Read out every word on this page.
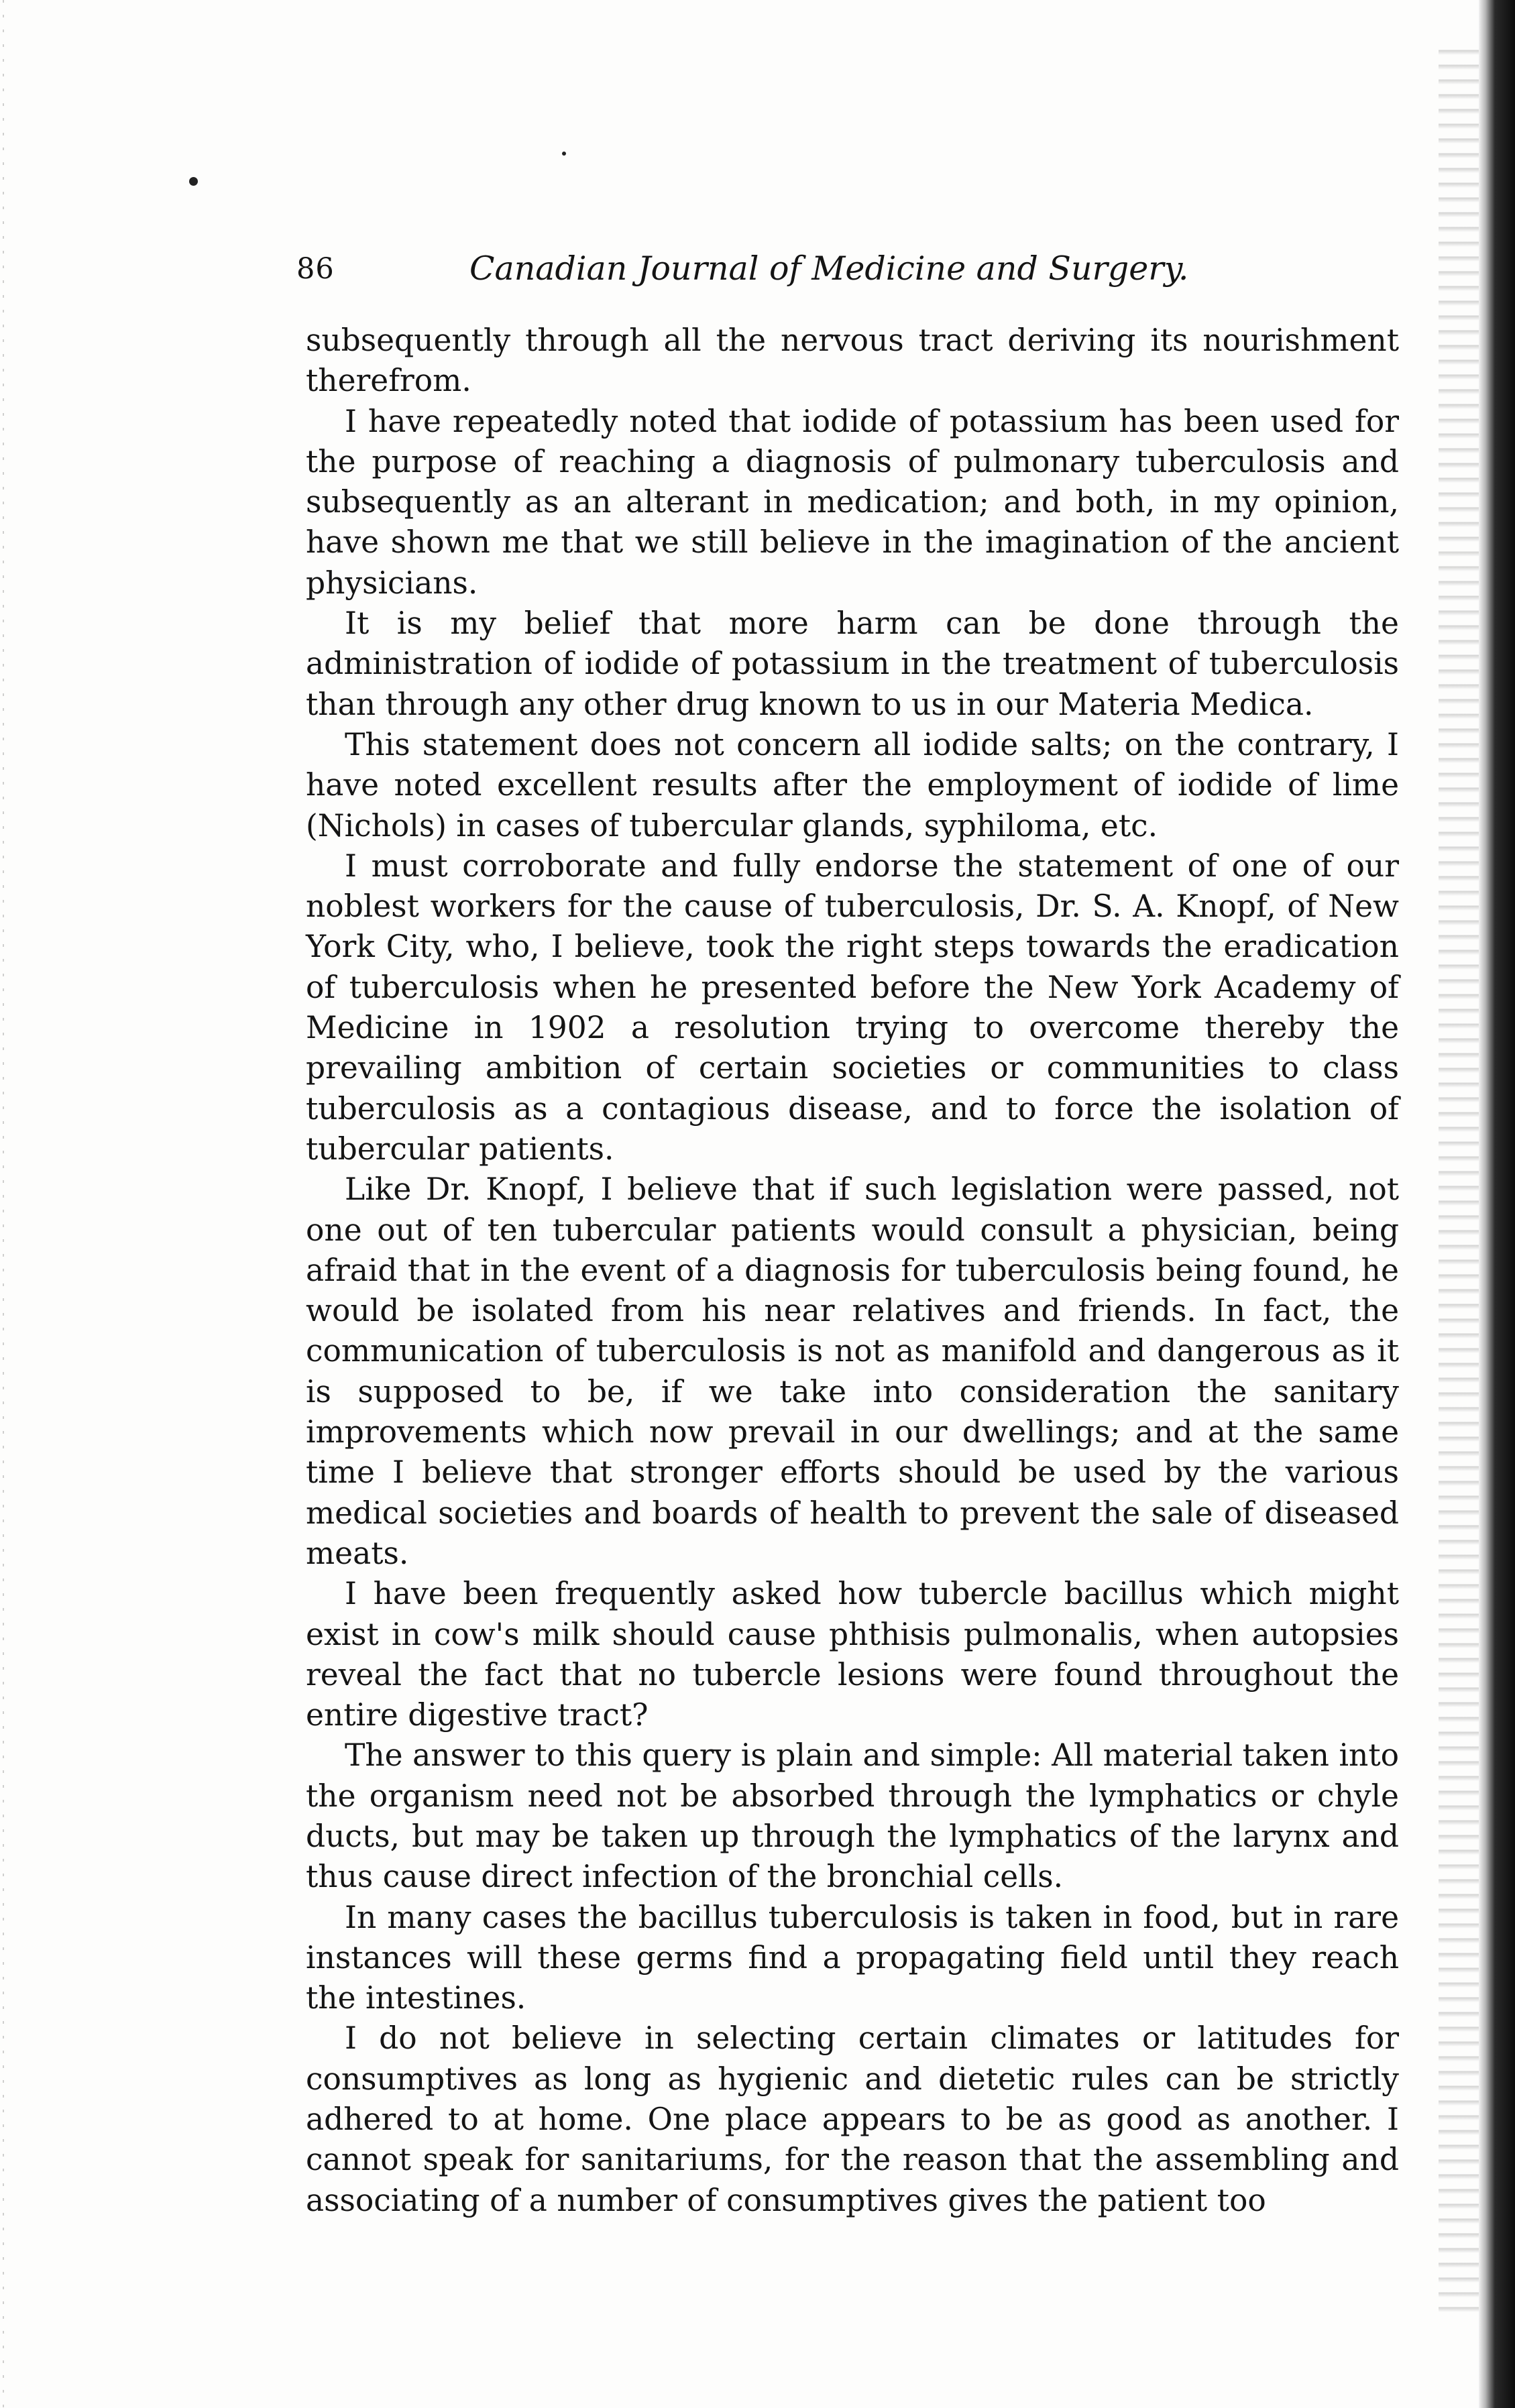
86	Canadian Journal of Medicine and Surgery.

subsequently through all the nervous tract deriving its nourishment therefrom.

I have repeatedly noted that iodide of potassium has been used for the purpose of reaching a diagnosis of pulmonary tuberculosis and subsequently as an alterant in medication; and both, in my opinion, have shown me that we still believe in the imagination of the ancient physicians.

It is my belief that more harm can be done through the administration of iodide of potassium in the treatment of tuberculosis than through any other drug known to us in our Materia Medica.

This statement does not concern all iodide salts; on the contrary, I have noted excellent results after the employment of iodide of lime (Nichols) in cases of tubercular glands, syphiloma, etc.

I must corroborate and fully endorse the statement of one of our noblest workers for the cause of tuberculosis, Dr. S. A. Knopf, of New York City, who, I believe, took the right steps towards the eradication of tuberculosis when he presented before the New York Academy of Medicine in 1902 a resolution trying to overcome thereby the prevailing ambition of certain societies or communities to class tuberculosis as a contagious disease, and to force the isolation of tubercular patients.

Like Dr. Knopf, I believe that if such legislation were passed, not one out of ten tubercular patients would consult a physician, being afraid that in the event of a diagnosis for tuberculosis being found, he would be isolated from his near relatives and friends. In fact, the communication of tuberculosis is not as manifold and dangerous as it is supposed to be, if we take into consideration the sanitary improvements which now prevail in our dwellings; and at the same time I believe that stronger efforts should be used by the various medical societies and boards of health to prevent the sale of diseased meats.

I have been frequently asked how tubercle bacillus which might exist in cow's milk should cause phthisis pulmonalis, when autopsies reveal the fact that no tubercle lesions were found throughout the entire digestive tract?

The answer to this query is plain and simple: All material taken into the organism need not be absorbed through the lymphatics or chyle ducts, but may be taken up through the lymphatics of the larynx and thus cause direct infection of the bronchial cells.

In many cases the bacillus tuberculosis is taken in food, but in rare instances will these germs find a propagating field until they reach the intestines.

I do not believe in selecting certain climates or latitudes for consumptives as long as hygienic and dietetic rules can be strictly adhered to at home. One place appears to be as good as another. I cannot speak for sanitariums, for the reason that the assembling and associating of a number of consumptives gives the patient too
